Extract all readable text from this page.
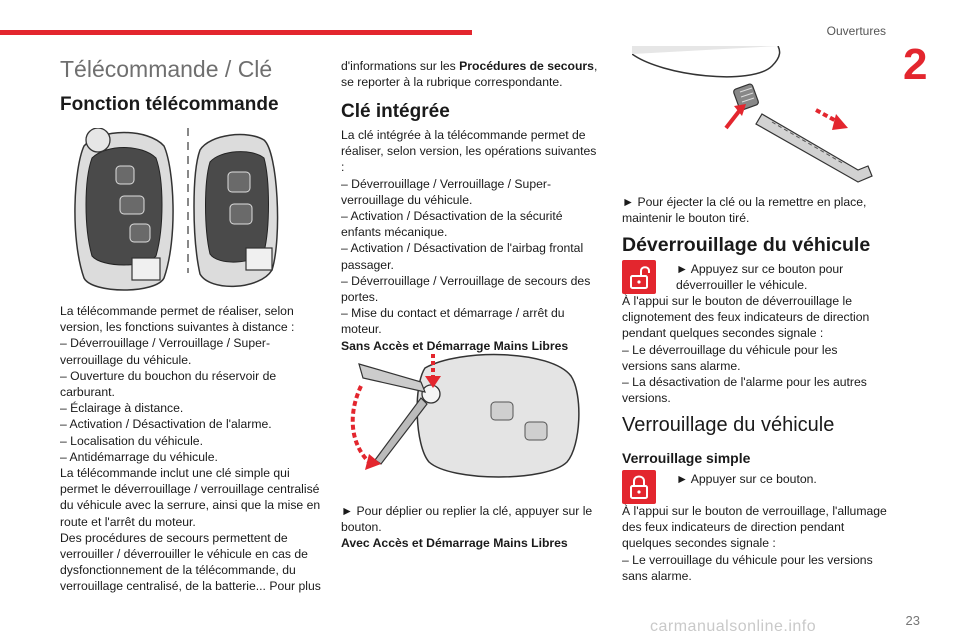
Ouvertures
2
Télécommande / Clé
Fonction télécommande

La télécommande permet de réaliser, selon

version, les fonctions suivantes à distance :

– Déverrouillage / Verrouillage / Super-

verrouillage du véhicule.

– Ouverture du bouchon du réservoir de

carburant.

– Éclairage à distance.

– Activation / Désactivation de l'alarme.

– Localisation du véhicule.

– Antidémarrage du véhicule.

La télécommande inclut une clé simple qui

permet le déverrouillage / verrouillage centralisé

du véhicule avec la serrure, ainsi que la mise en

route et l'arrêt du moteur.

Des procédures de secours permettent de

verrouiller / déverrouiller le véhicule en cas de

dysfonctionnement de la télécommande, du

verrouillage centralisé, de la batterie... Pour plus

d'informations sur les Procédures de secours,

se reporter à la rubrique correspondante.

Clé intégrée

La clé intégrée à la télécommande permet de

réaliser, selon version, les opérations suivantes :

– Déverrouillage / Verrouillage / Super-

verrouillage du véhicule.

– Activation / Désactivation de la sécurité

enfants mécanique.

– Activation / Désactivation de l'airbag frontal

passager.

– Déverrouillage / Verrouillage de secours des

portes.

– Mise du contact et démarrage / arrêt du

moteur.

Sans Accès et Démarrage Mains Libres

► Pour déplier ou replier la clé, appuyer sur le

bouton.

Avec Accès et Démarrage Mains Libres

► Pour éjecter la clé ou la remettre en place,

maintenir le bouton tiré.

Déverrouillage du véhicule

► Appuyez sur ce bouton pour

déverrouiller le véhicule.

À l'appui sur le bouton de déverrouillage le

clignotement des feux indicateurs de direction

pendant quelques secondes signale :

– Le déverrouillage du véhicule pour les

versions sans alarme.

– La désactivation de l'alarme pour les autres

versions.

Verrouillage du véhicule
Verrouillage simple

► Appuyer sur ce bouton.

À l'appui sur le bouton de verrouillage, l'allumage

des feux indicateurs de direction pendant

quelques secondes signale :

– Le verrouillage du véhicule pour les versions

sans alarme.

carmanualsonline.info	23
